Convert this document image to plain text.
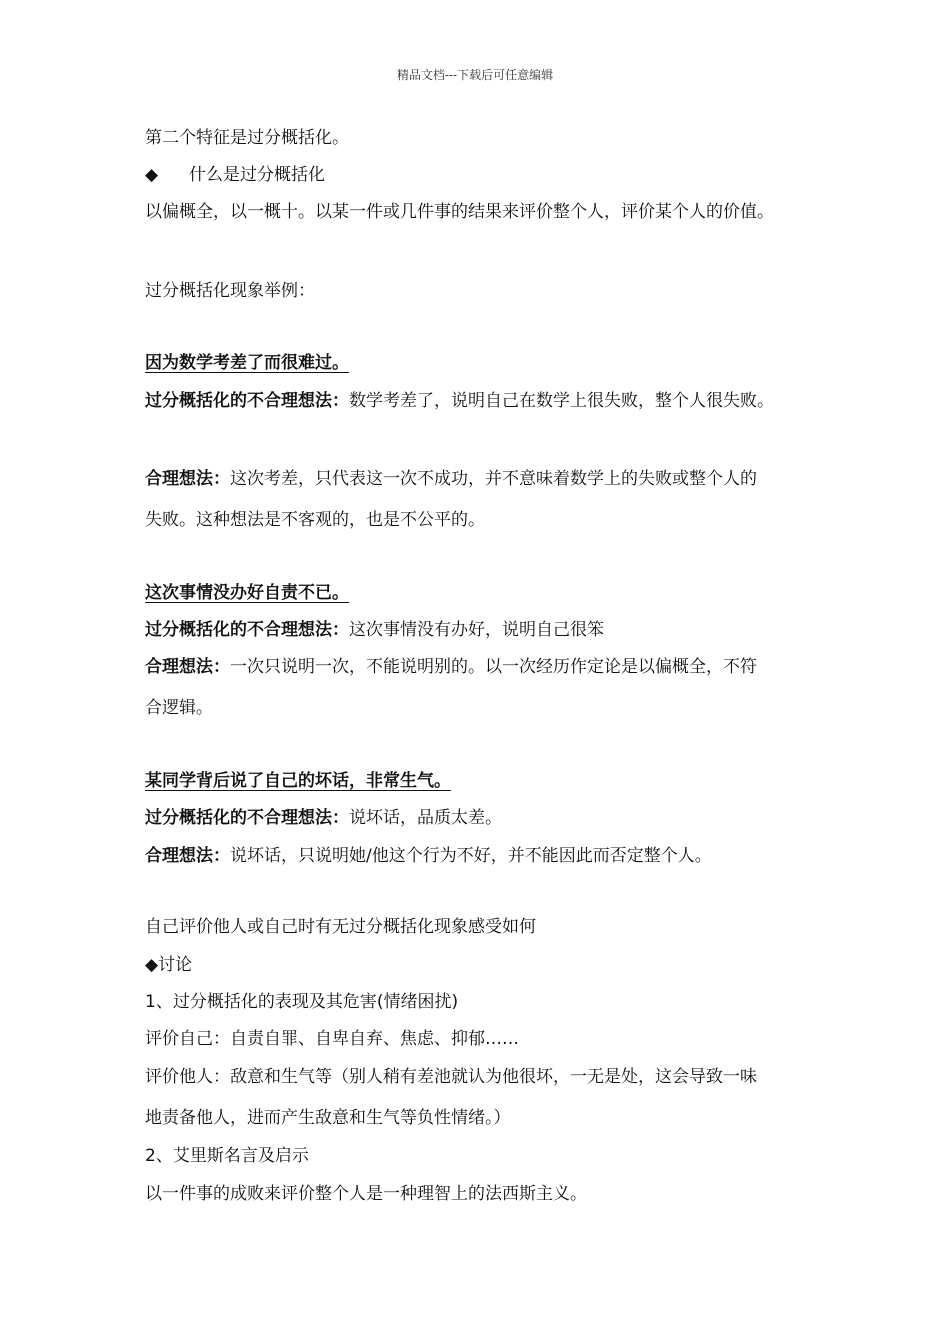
精品文档---下载后可任意编辑
第二个特征是过分概括化。
◆ 什么是过分概括化
以偏概全，以一概十。以某一件或几件事的结果来评价整个人，评价某个人的价值。
过分概括化现象举例：
因为数学考差了而很难过。
过分概括化的不合理想法：数学考差了，说明自己在数学上很失败，整个人很失败。
合理想法：这次考差，只代表这一次不成功，并不意味着数学上的失败或整个人的
失败。这种想法是不客观的，也是不公平的。
这次事情没办好自责不已。
过分概括化的不合理想法：这次事情没有办好，说明自己很笨
合理想法：一次只说明一次，不能说明别的。以一次经历作定论是以偏概全，不符
合逻辑。
某同学背后说了自己的坏话，非常生气。
过分概括化的不合理想法：说坏话，品质太差。
合理想法：说坏话，只说明她/他这个行为不好，并不能因此而否定整个人。
自己评价他人或自己时有无过分概括化现象感受如何
◆讨论
1、过分概括化的表现及其危害(情绪困扰)
评价自己：自责自罪、自卑自弃、焦虑、抑郁……
评价他人：敌意和生气等（别人稍有差池就认为他很坏，一无是处，这会导致一味
地责备他人，进而产生敌意和生气等负性情绪。）
2、艾里斯名言及启示
以一件事的成败来评价整个人是一种理智上的法西斯主义。
